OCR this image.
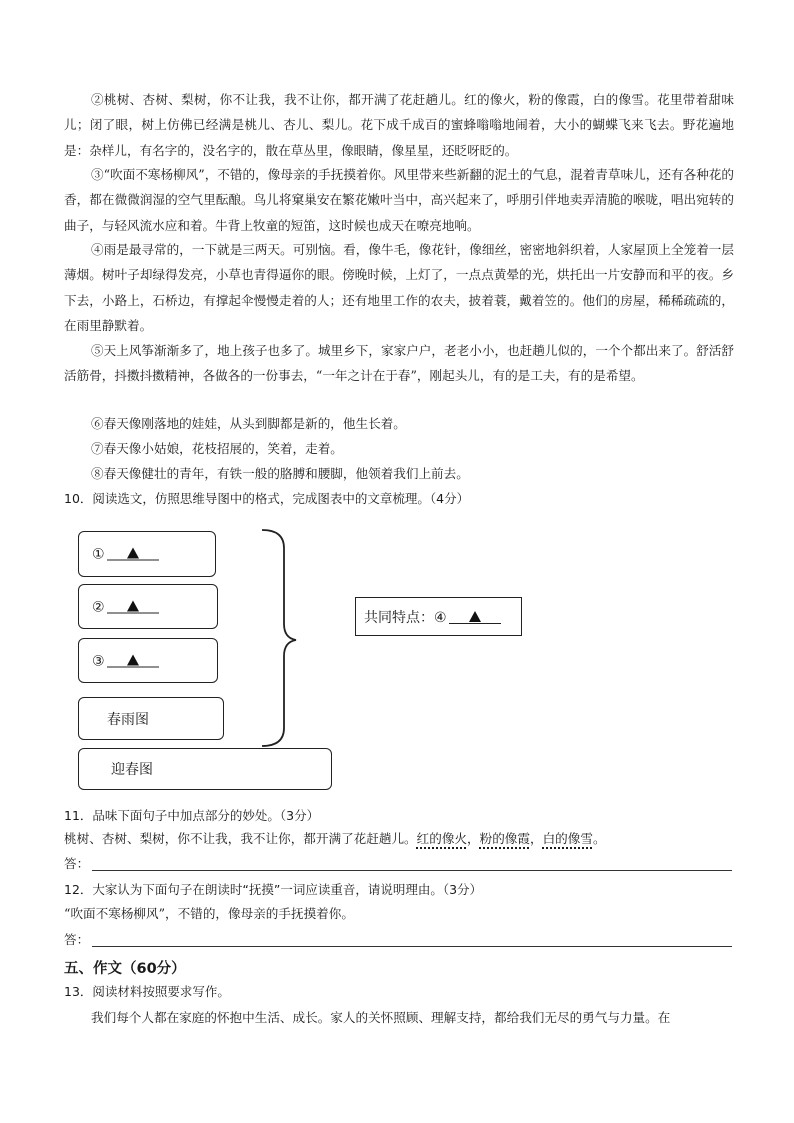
②桃树、杏树、梨树，你不让我，我不让你，都开满了花赶趟儿。红的像火，粉的像霞，白的像雪。花里带着甜味儿；闭了眼，树上仿佛已经满是桃儿、杏儿、梨儿。花下成千成百的蜜蜂嗡嗡地闹着，大小的蝴蝶飞来飞去。野花遍地是：杂样儿，有名字的，没名字的，散在草丛里，像眼睛，像星星，还眨呀眨的。

③“吹面不寒杨柳风”，不错的，像母亲的手抚摸着你。风里带来些新翻的泥土的气息，混着青草味儿，还有各种花的香，都在微微润湿的空气里酝酿。鸟儿将窠巢安在繁花嫩叶当中，高兴起来了，呼朋引伴地卖弄清脆的喉咙，唱出宛转的曲子，与轻风流水应和着。牛背上牧童的短笛，这时候也成天在嘹亮地响。

④雨是最寻常的，一下就是三两天。可别恼。看，像牛毛，像花针，像细丝，密密地斜织着，人家屋顶上全笼着一层薄烟。树叶子却绿得发亮，小草也青得逼你的眼。傍晚时候，上灯了，一点点黄晕的光，烘托出一片安静而和平的夜。乡下去，小路上，石桥边，有撑起伞慢慢走着的人；还有地里工作的农夫，披着蓑，戴着笠的。他们的房屋，稀稀疏疏的，在雨里静默着。

⑤天上风筝渐渐多了，地上孩子也多了。城里乡下，家家户户，老老小小，也赶趟儿似的，一个个都出来了。舒活舒活筋骨，抖擞抖擞精神，各做各的一份事去，“一年之计在于春”，刚起头儿，有的是工夫，有的是希望。

⑥春天像刚落地的娃娃，从头到脚都是新的，他生长着。

⑦春天像小姑娘，花枝招展的，笑着，走着。

⑧春天像健壮的青年，有铁一般的胳膊和腰脚，他领着我们上前去。

10．阅读选文，仿照思维导图中的格式，完成图表中的文章梳理。（4分）

①
②
③
春雨图
迎春图
共同特点：④

11．品味下面句子中加点部分的妙处。（3分）

桃树、杏树、梨树，你不让我，我不让你，都开满了花赶趟儿。红的像火，粉的像霞，白的像雪。

答：

12．大家认为下面句子在朗读时“抚摸”一词应读重音，请说明理由。（3分）

“吹面不寒杨柳风”，不错的，像母亲的手抚摸着你。

答：

五、作文（60分）

13．阅读材料按照要求写作。

我们每个人都在家庭的怀抱中生活、成长。家人的关怀照顾、理解支持，都给我们无尽的勇气与力量。在
